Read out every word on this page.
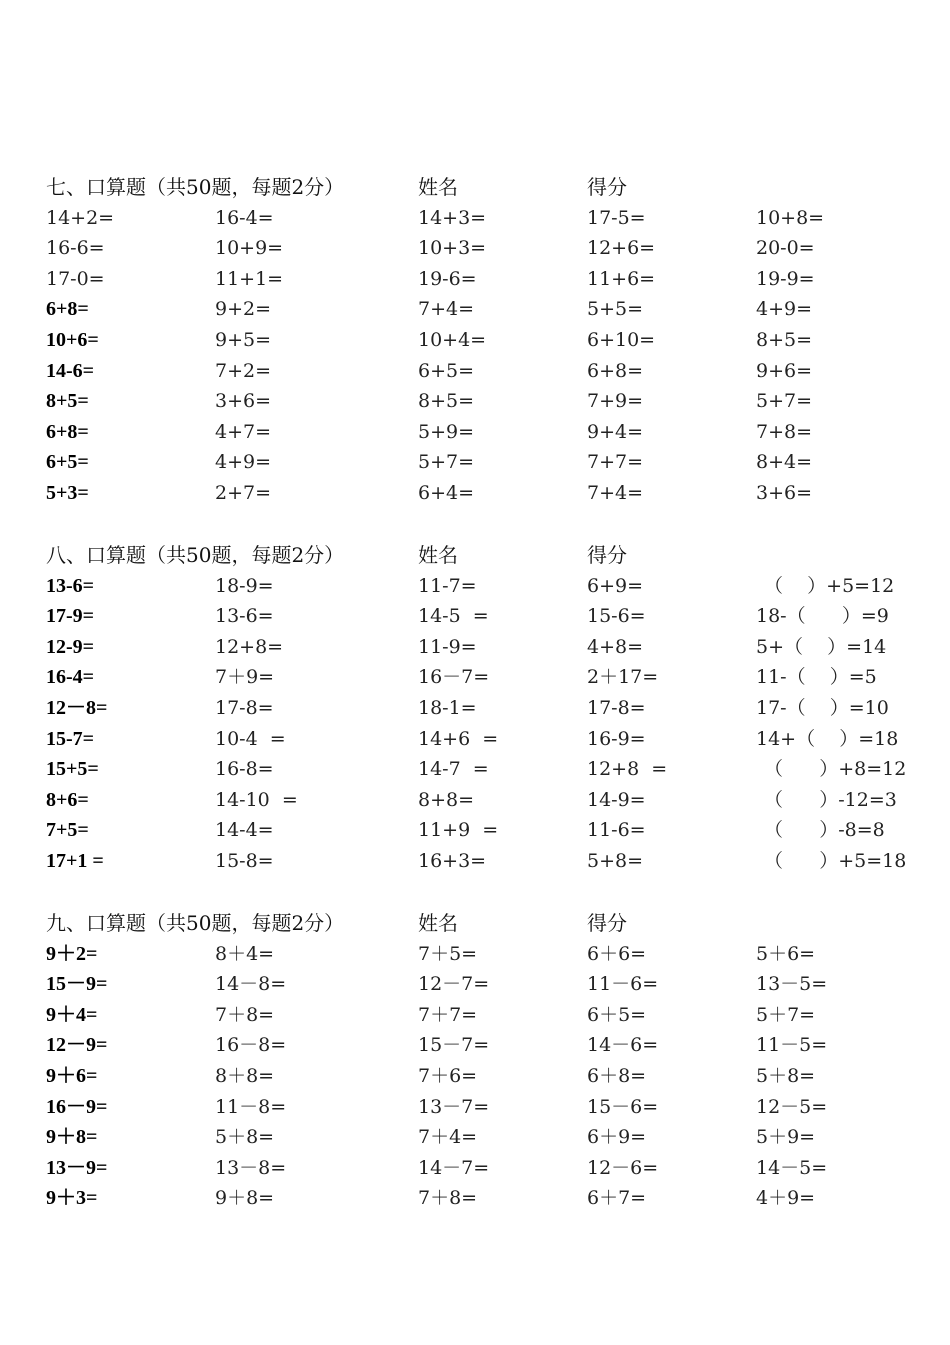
七、口算题（共50题，每题2分）	姓名	得分
14+2=	16-4=	14+3=	17-5=	10+8=
16-6=	10+9=	10+3=	12+6=	20-0=
17-0=	11+1=	19-6=	11+6=	19-9=
6+8=	9+2=	7+4=	5+5=	4+9=
10+6=	9+5=	10+4=	6+10=	8+5=
14-6=	7+2=	6+5=	6+8=	9+6=
8+5=	3+6=	8+5=	7+9=	5+7=
6+8=	4+7=	5+9=	9+4=	7+8=
6+5=	4+9=	5+7=	7+7=	8+4=
5+3=	2+7=	6+4=	7+4=	3+6=
八、口算题（共50题，每题2分）	姓名	得分
13-6=	18-9=	11-7=	6+9=	（    ）+5=12
17-9=	13-6=	14-5  =	15-6=	18-（      ）=9
12-9=	12+8=	11-9=	4+8=	5+（    ）=14
16-4=	7＋9=	16－7=	2＋17=	11-（    ）=5
12－8=	17-8=	18-1=	17-8=	17-（    ）=10
15-7=	10-4  =	14+6  =	16-9=	14+（    ）=18
15+5=	16-8=	14-7  =	12+8  =	（      ）+8=12
8+6=	14-10  =	8+8=	14-9=	（      ）-12=3
7+5=	14-4=	11+9  =	11-6=	（      ）-8=8
17+1 =	15-8=	16+3=	5+8=	（      ）+5=18
九、口算题（共50题，每题2分）	姓名	得分
9＋2=	8＋4=	7＋5=	6＋6=	5＋6=
15－9=	14－8=	12－7=	11－6=	13－5=
9＋4=	7＋8=	7＋7=	6＋5=	5＋7=
12－9=	16－8=	15－7=	14－6=	11－5=
9＋6=	8＋8=	7＋6=	6＋8=	5＋8=
16－9=	11－8=	13－7=	15－6=	12－5=
9＋8=	5＋8=	7＋4=	6＋9=	5＋9=
13－9=	13－8=	14－7=	12－6=	14－5=
9＋3=	9＋8=	7＋8=	6＋7=	4＋9=
